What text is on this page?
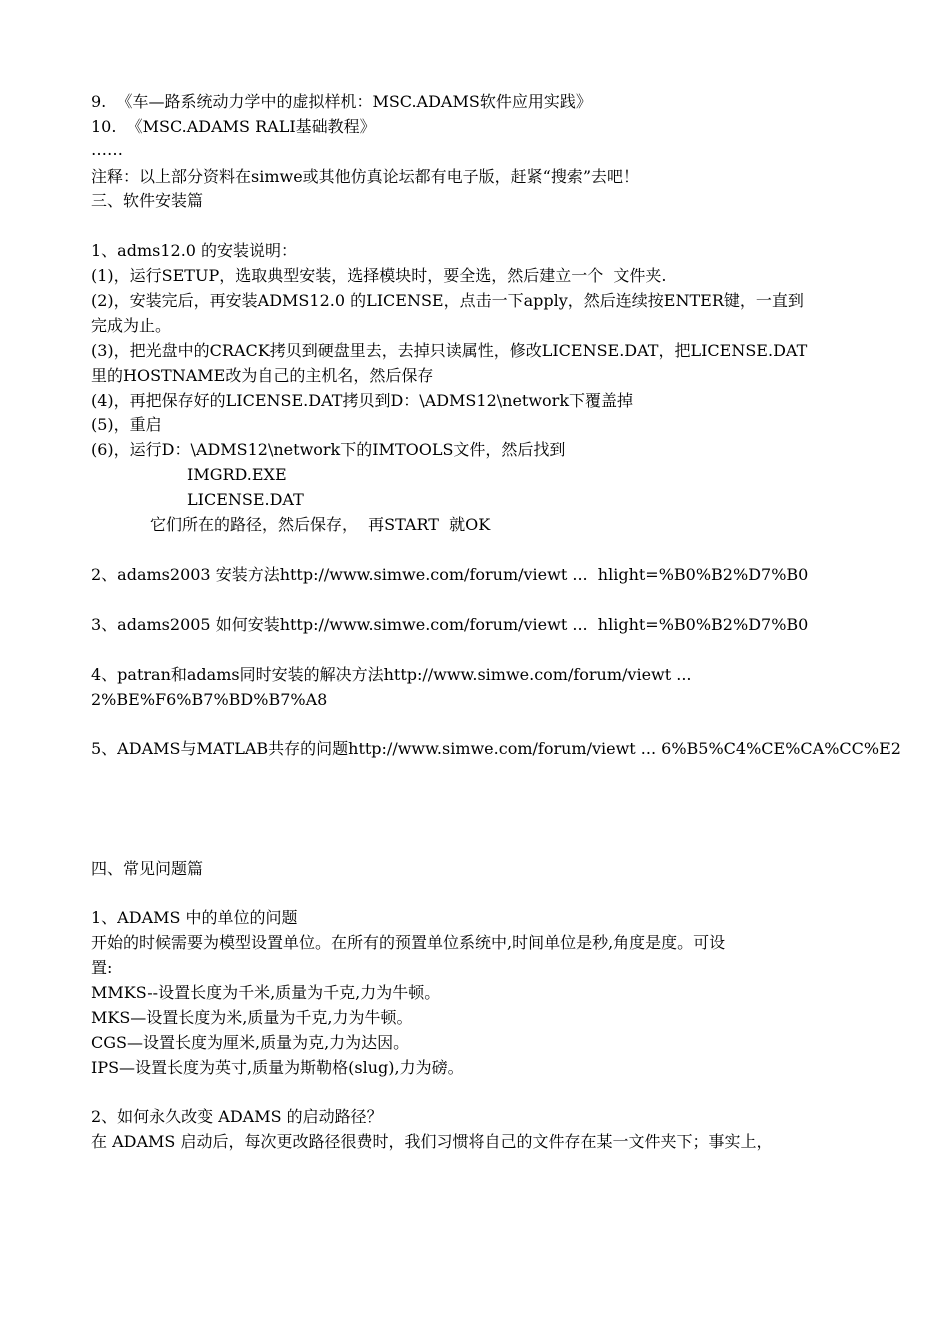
9.  《车—路系统动力学中的虚拟样机：MSC.ADAMS软件应用实践》
10.  《MSC.ADAMS RALI基础教程》
……
注释：以上部分资料在simwe或其他仿真论坛都有电子版，赶紧“搜索”去吧！
三、软件安装篇
1、adms12.0 的安装说明：
(1)，运行SETUP，选取典型安装，选择模块时，要全选，然后建立一个  文件夹.
(2)，安装完后，再安装ADMS12.0 的LICENSE，点击一下apply，然后连续按ENTER键，一直到
完成为止。
(3)，把光盘中的CRACK拷贝到硬盘里去，去掉只读属性，修改LICENSE.DAT，把LICENSE.DAT
里的HOSTNAME改为自己的主机名，然后保存
(4)，再把保存好的LICENSE.DAT拷贝到D：\ADMS12\network下覆盖掉
(5)，重启
(6)，运行D：\ADMS12\network下的IMTOOLS文件，然后找到
IMGRD.EXE
LICENSE.DAT
它们所在的路径，然后保存，  再START  就OK
2、adams2003 安装方法http://www.simwe.com/forum/viewt ...  hlight=%B0%B2%D7%B0
3、adams2005 如何安装http://www.simwe.com/forum/viewt ...  hlight=%B0%B2%D7%B0
4、patran和adams同时安装的解决方法http://www.simwe.com/forum/viewt ...
2%BE%F6%B7%BD%B7%A8
5、ADAMS与MATLAB共存的问题http://www.simwe.com/forum/viewt ... 6%B5%C4%CE%CA%CC%E2
四、常见问题篇
1、ADAMS 中的单位的问题
开始的时候需要为模型设置单位。在所有的预置单位系统中,时间单位是秒,角度是度。可设
置:
MMKS--设置长度为千米,质量为千克,力为牛顿。
MKS—设置长度为米,质量为千克,力为牛顿。
CGS—设置长度为厘米,质量为克,力为达因。
IPS—设置长度为英寸,质量为斯勒格(slug),力为磅。
2、如何永久改变 ADAMS 的启动路径？
在 ADAMS 启动后，每次更改路径很费时，我们习惯将自己的文件存在某一文件夹下；事实上，
